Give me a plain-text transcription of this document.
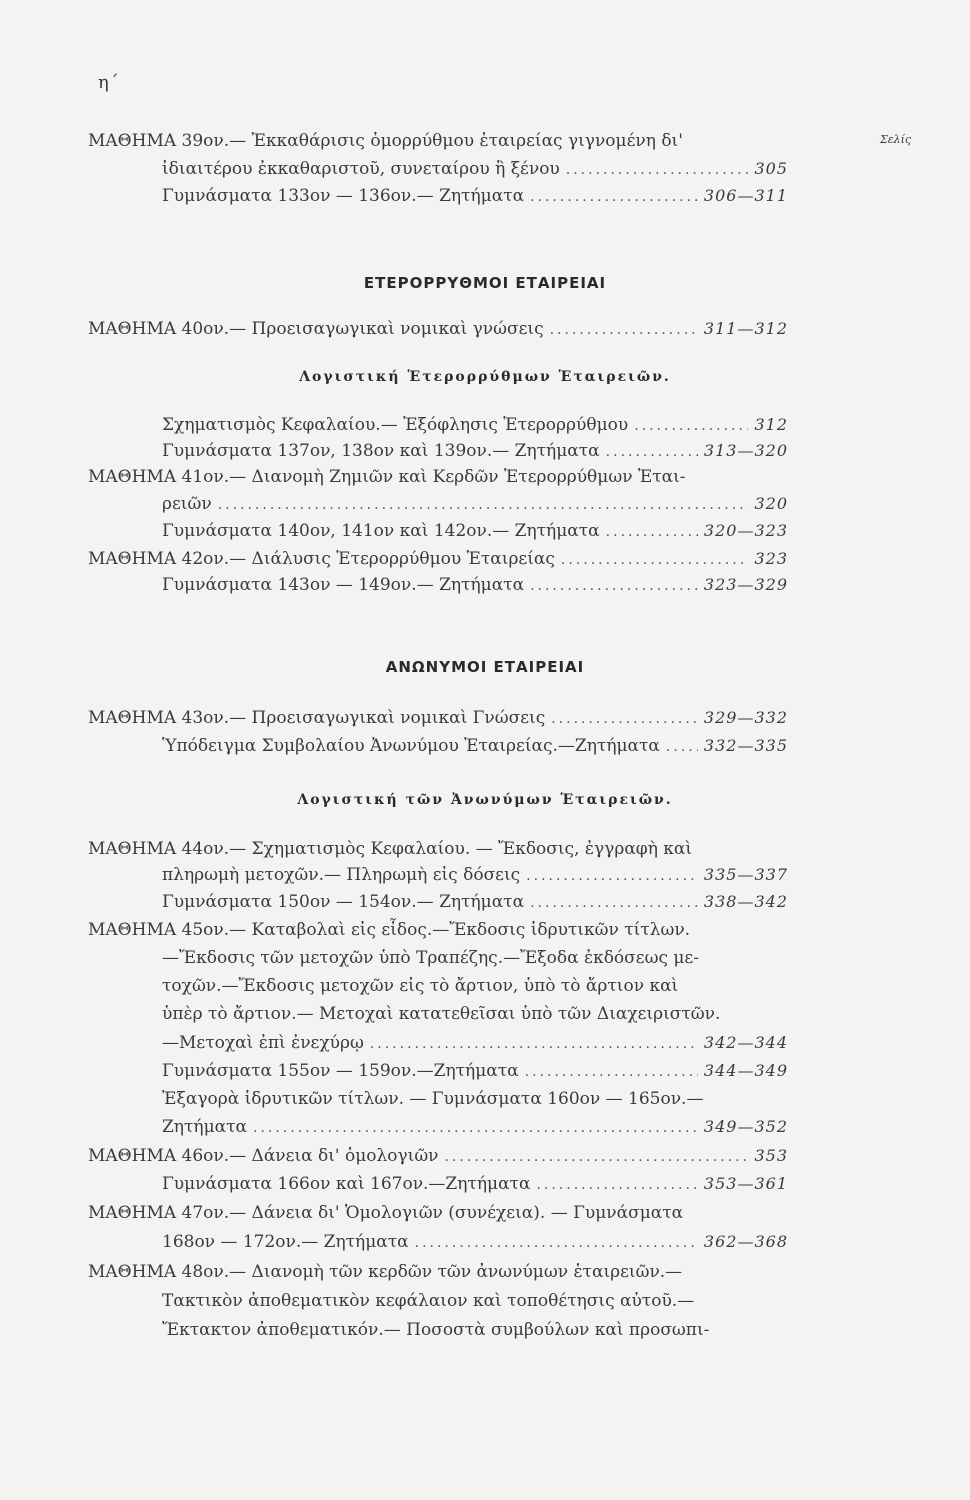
η΄
Σελίς
ΜΑΘΗΜΑ 39ον.— Ἐκκαθάρισις ὁμορρύθμου ἑταιρείας γιγνομένη δι'
ἰδιαιτέρου ἐκκαθαριστοῦ, συνεταίρου ἢ ξένου .....	305
Γυμνάσματα 133ον — 136ον.— Ζητήματα .....	306—311
ΕΤΕΡΟΡΡΥΘΜΟΙ ΕΤΑΙΡΕΙΑΙ
ΜΑΘΗΜΑ 40ον.— Προεισαγωγικαὶ νομικαὶ γνώσεις .....	311—312
Λογιστική Ἑτερορρύθμων Ἑταιρειῶν.
Σχηματισμὸς Κεφαλαίου.— Ἐξόφλησις Ἑτερορρύθμου .....	312
Γυμνάσματα 137ον, 138ον καὶ 139ον.— Ζητήματα .....	313—320
ΜΑΘΗΜΑ 41ον.— Διανομὴ Ζημιῶν καὶ Κερδῶν Ἑτερορρύθμων Ἑται-
ρειῶν .....	320
Γυμνάσματα 140ον, 141ον καὶ 142ον.— Ζητήματα .....	320—323
ΜΑΘΗΜΑ 42ον.— Διάλυσις Ἑτερορρύθμου Ἑταιρείας .....	323
Γυμνάσματα 143ον — 149ον.— Ζητήματα .....	323—329
ΑΝΩΝΥΜΟΙ ΕΤΑΙΡΕΙΑΙ
ΜΑΘΗΜΑ 43ον.— Προεισαγωγικαὶ νομικαὶ Γνώσεις .....	329—332
Ὑπόδειγμα Συμβολαίου Ἀνωνύμου Ἑταιρείας.—Ζητήματα .....	332—335
Λογιστική τῶν Ἀνωνύμων Ἑταιρειῶν.
ΜΑΘΗΜΑ 44ον.— Σχηματισμὸς Κεφαλαίου. — Ἔκδοσις, ἐγγραφὴ καὶ
πληρωμὴ μετοχῶν.— Πληρωμὴ εἰς δόσεις .....	335—337
Γυμνάσματα 150ον — 154ον.— Ζητήματα .....	338—342
ΜΑΘΗΜΑ 45ον.— Καταβολαὶ εἰς εἶδος.—Ἔκδοσις ἱδρυτικῶν τίτλων.
—Ἔκδοσις τῶν μετοχῶν ὑπὸ Τραπέζης.—Ἔξοδα ἐκδόσεως με-
τοχῶν.—Ἔκδοσις μετοχῶν εἰς τὸ ἄρτιον, ὑπὸ τὸ ἄρτιον καὶ
ὑπὲρ τὸ ἄρτιον.— Μετοχαὶ κατατεθεῖσαι ὑπὸ τῶν Διαχειριστῶν.
—Μετοχαὶ ἐπὶ ἐνεχύρῳ .....	342—344
Γυμνάσματα 155ον — 159ον.—Ζητήματα .....	344—349
Ἐξαγορὰ ἱδρυτικῶν τίτλων. — Γυμνάσματα 160ον — 165ον.—
Ζητήματα .....	349—352
ΜΑΘΗΜΑ 46ον.— Δάνεια δι' ὁμολογιῶν .....	353
Γυμνάσματα 166ον καὶ 167ον.—Ζητήματα .....	353—361
ΜΑΘΗΜΑ 47ον.— Δάνεια δι' Ὁμολογιῶν (συνέχεια). — Γυμνάσματα
168ον — 172ον.— Ζητήματα .....	362—368
ΜΑΘΗΜΑ 48ον.— Διανομὴ τῶν κερδῶν τῶν ἀνωνύμων ἑταιρειῶν.—
Τακτικὸν ἀποθεματικὸν κεφάλαιον καὶ τοποθέτησις αὐτοῦ.—
Ἔκτακτον ἀποθεματικόν.— Ποσοστὰ συμβούλων καὶ προσωπι-
